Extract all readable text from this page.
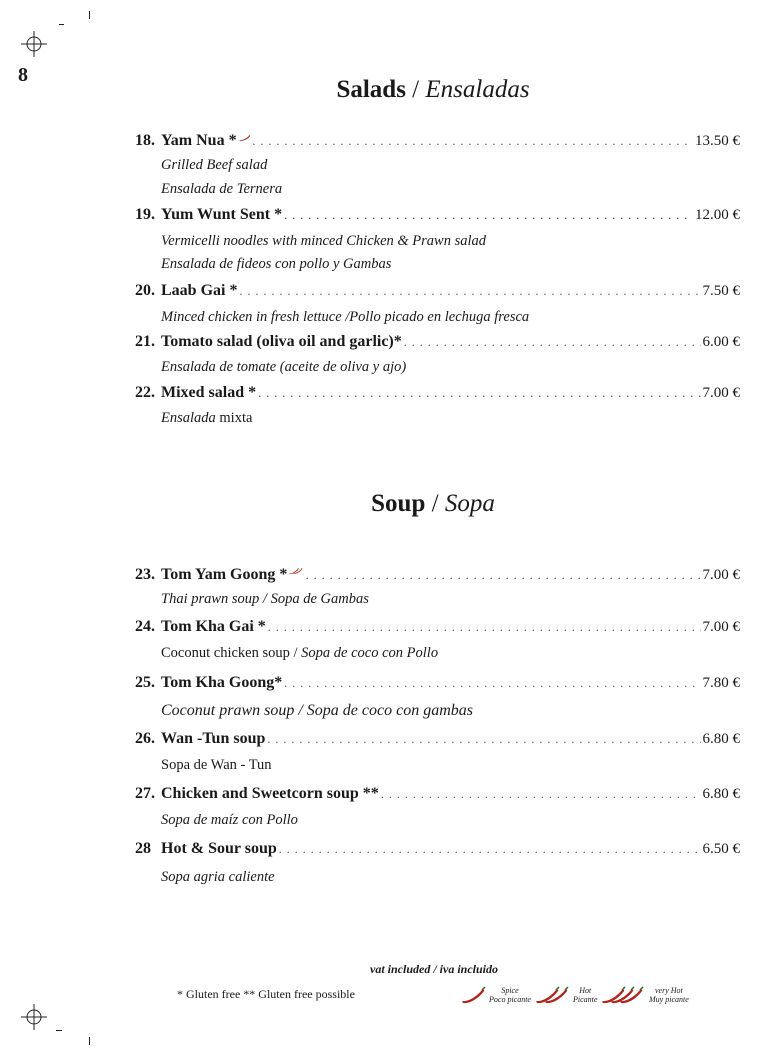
8
Salads / Ensaladas
18. Yam Nua * . . .	13.50 €
Grilled Beef salad
Ensalada de Ternera
19. Yum Wunt Sent * . . .	12.00 €
Vermicelli noodles with minced Chicken & Prawn salad
Ensalada de fideos con pollo y Gambas
20. Laab Gai * . . .	7.50 €
Minced chicken in fresh lettuce /Pollo picado en lechuga fresca
21. Tomato salad (oliva oil and garlic)* . . .	6.00 €
Ensalada de tomate (aceite de oliva y ajo)
22. Mixed salad * . . .	7.00 €
Ensalada mixta
Soup / Sopa
23. Tom Yam Goong * . . .	7.00 €
Thai prawn soup / Sopa de Gambas
24. Tom Kha Gai * . . .	7.00 €
Coconut chicken soup / Sopa de coco con Pollo
25. Tom Kha Goong* . . .	7.80 €
Coconut prawn soup / Sopa de coco con gambas
26. Wan -Tun soup . . .	6.80 €
Sopa de Wan - Tun
27. Chicken and Sweetcorn soup ** . . .	6.80 €
Sopa de maíz con Pollo
28 Hot & Sour soup . . .	6.50 €
Sopa agria caliente
vat included / iva incluido
* Gluten free ** Gluten free possible	Spice
Poco picante
Hot
Picante
very Hot
Muy picante
